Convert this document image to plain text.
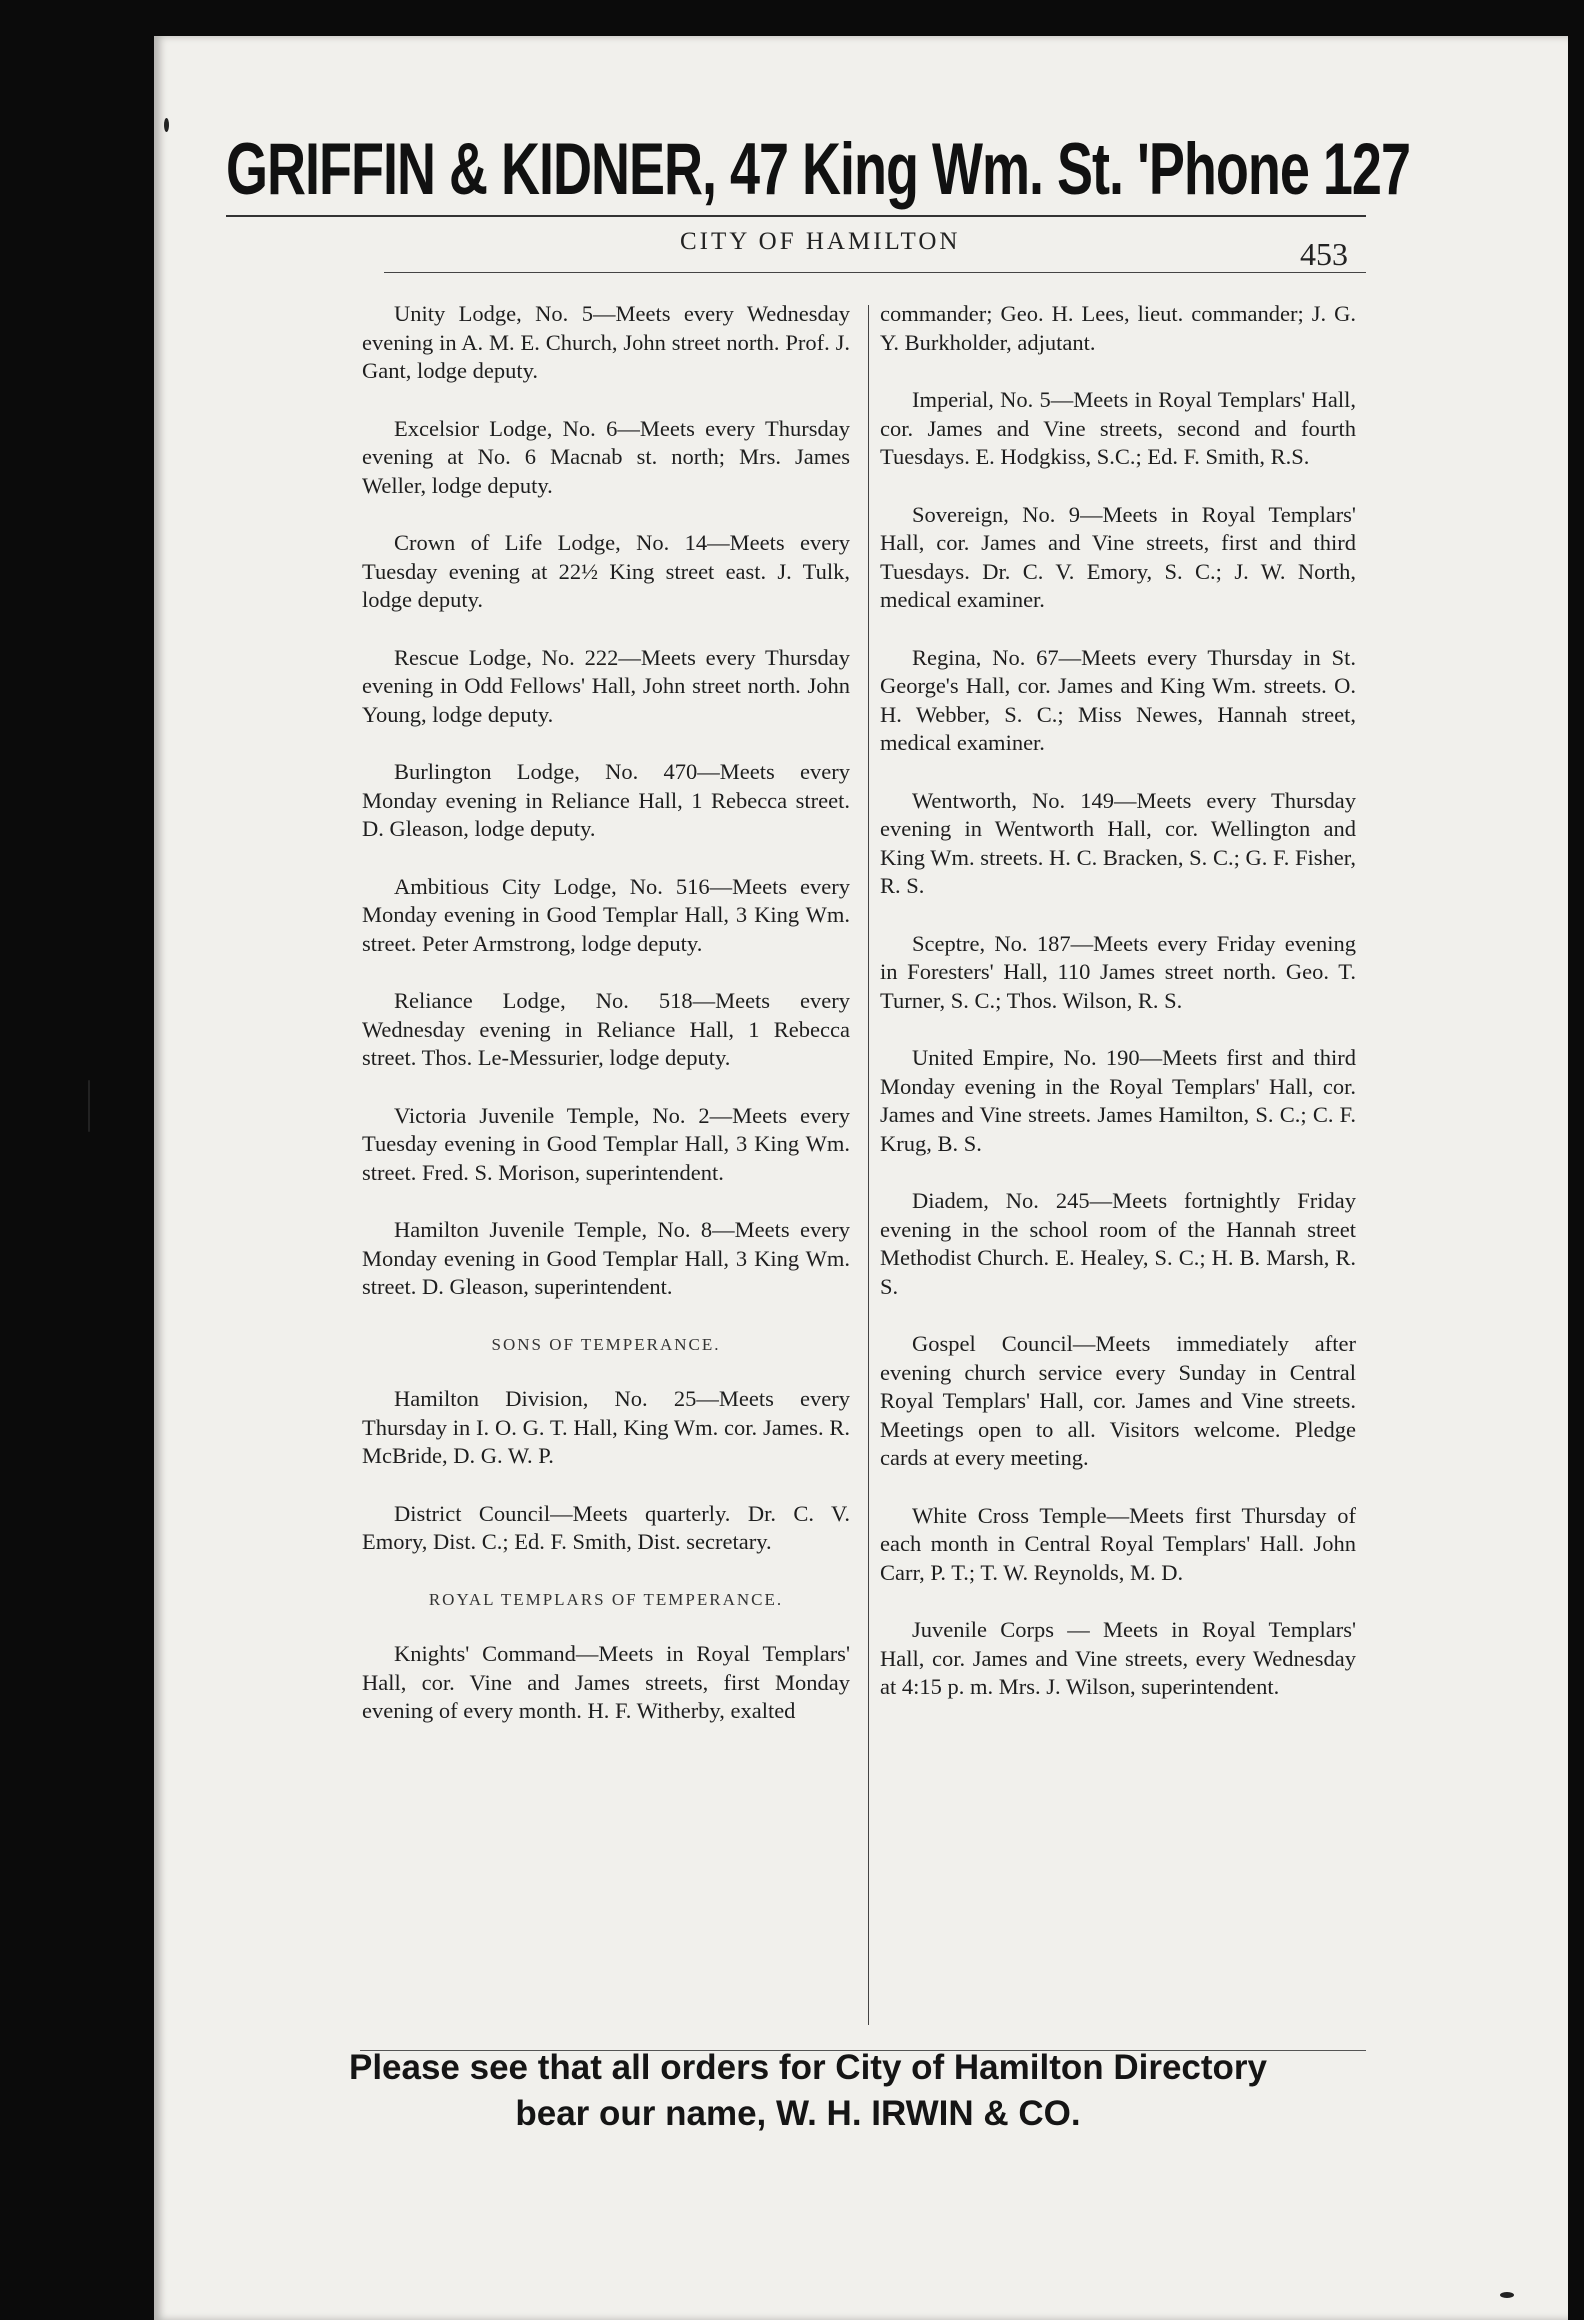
GRIFFIN & KIDNER, 47 King Wm. St. 'Phone 127
CITY OF HAMILTON	453

Unity Lodge, No. 5—Meets every Wednesday evening in A. M. E. Church, John street north. Prof. J. Gant, lodge deputy.

Excelsior Lodge, No. 6—Meets every Thursday evening at No. 6 Macnab st. north; Mrs. James Weller, lodge deputy.

Crown of Life Lodge, No. 14—Meets every Tuesday evening at 22½ King street east. J. Tulk, lodge deputy.

Rescue Lodge, No. 222—Meets every Thursday evening in Odd Fellows' Hall, John street north. John Young, lodge deputy.

Burlington Lodge, No. 470—Meets every Monday evening in Reliance Hall, 1 Rebecca street. D. Gleason, lodge deputy.

Ambitious City Lodge, No. 516—Meets every Monday evening in Good Templar Hall, 3 King Wm. street. Peter Armstrong, lodge deputy.

Reliance Lodge, No. 518—Meets every Wednesday evening in Reliance Hall, 1 Rebecca street. Thos. Le-Messurier, lodge deputy.

Victoria Juvenile Temple, No. 2—Meets every Tuesday evening in Good Templar Hall, 3 King Wm. street. Fred. S. Morison, superintendent.

Hamilton Juvenile Temple, No. 8—Meets every Monday evening in Good Templar Hall, 3 King Wm. street. D. Gleason, superintendent.

SONS OF TEMPERANCE.

Hamilton Division, No. 25—Meets every Thursday in I. O. G. T. Hall, King Wm. cor. James. R. McBride, D. G. W. P.

District Council—Meets quarterly. Dr. C. V. Emory, Dist. C.; Ed. F. Smith, Dist. secretary.

ROYAL TEMPLARS OF TEMPERANCE.

Knights' Command—Meets in Royal Templars' Hall, cor. Vine and James streets, first Monday evening of every month. H. F. Witherby, exalted

commander; Geo. H. Lees, lieut. commander; J. G. Y. Burkholder, adjutant.

Imperial, No. 5—Meets in Royal Templars' Hall, cor. James and Vine streets, second and fourth Tuesdays. E. Hodgkiss, S.C.; Ed. F. Smith, R.S.

Sovereign, No. 9—Meets in Royal Templars' Hall, cor. James and Vine streets, first and third Tuesdays. Dr. C. V. Emory, S. C.; J. W. North, medical examiner.

Regina, No. 67—Meets every Thursday in St. George's Hall, cor. James and King Wm. streets. O. H. Webber, S. C.; Miss Newes, Hannah street, medical examiner.

Wentworth, No. 149—Meets every Thursday evening in Wentworth Hall, cor. Wellington and King Wm. streets. H. C. Bracken, S. C.; G. F. Fisher, R. S.

Sceptre, No. 187—Meets every Friday evening in Foresters' Hall, 110 James street north. Geo. T. Turner, S. C.; Thos. Wilson, R. S.

United Empire, No. 190—Meets first and third Monday evening in the Royal Templars' Hall, cor. James and Vine streets. James Hamilton, S. C.; C. F. Krug, B. S.

Diadem, No. 245—Meets fortnightly Friday evening in the school room of the Hannah street Methodist Church. E. Healey, S. C.; H. B. Marsh, R. S.

Gospel Council—Meets immediately after evening church service every Sunday in Central Royal Templars' Hall, cor. James and Vine streets. Meetings open to all. Visitors welcome. Pledge cards at every meeting.

White Cross Temple—Meets first Thursday of each month in Central Royal Templars' Hall. John Carr, P. T.; T. W. Reynolds, M. D.

Juvenile Corps — Meets in Royal Templars' Hall, cor. James and Vine streets, every Wednesday at 4:15 p. m. Mrs. J. Wilson, superintendent.

Please see that all orders for City of Hamilton Directory
bear our name, W. H. IRWIN & CO.
